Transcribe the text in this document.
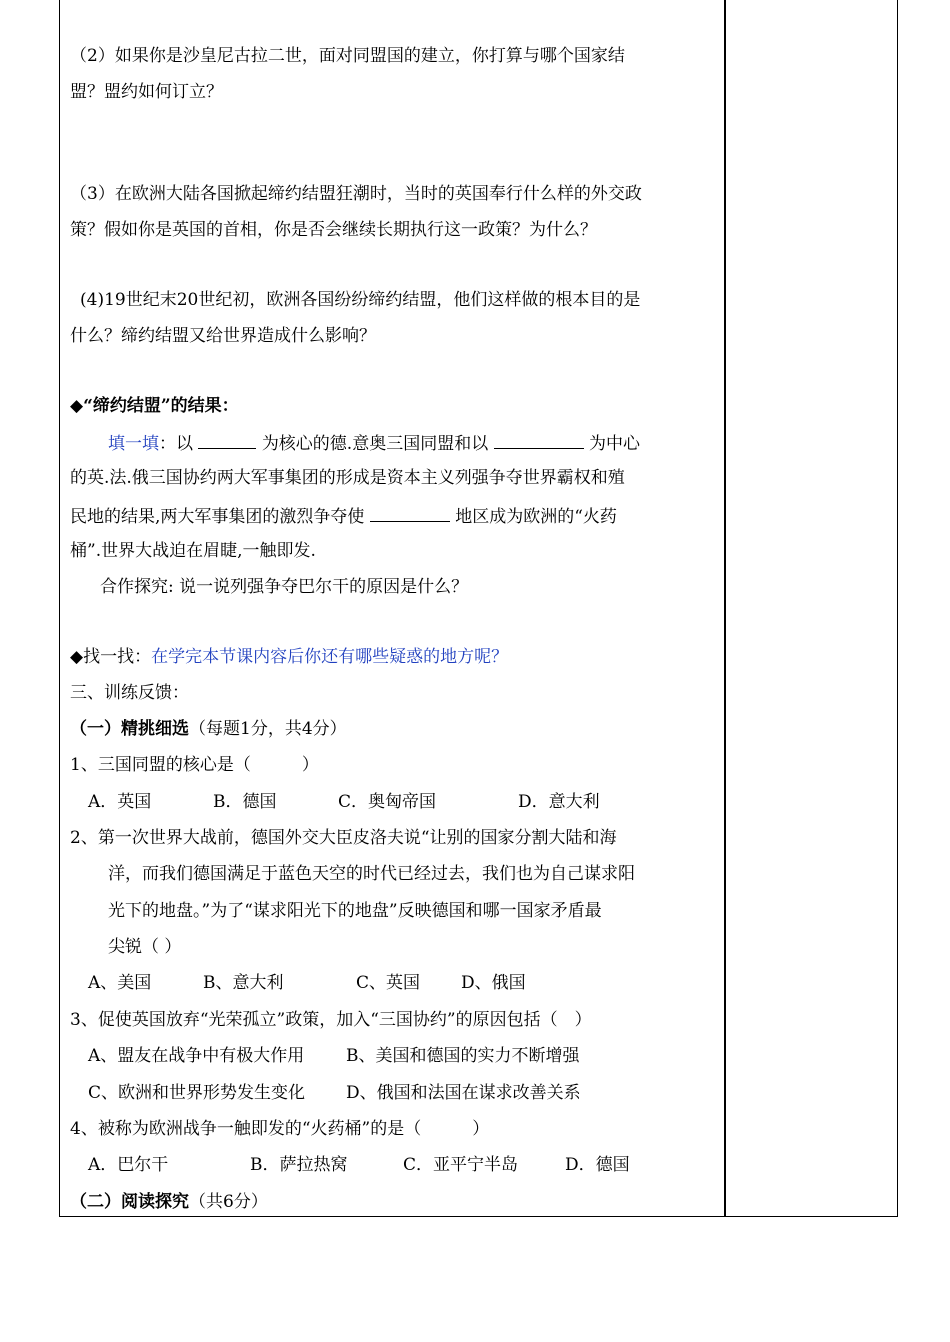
（2）如果你是沙皇尼古拉二世，面对同盟国的建立，你打算与哪个国家结
盟？盟约如何订立？
（3）在欧洲大陆各国掀起缔约结盟狂潮时，当时的英国奉行什么样的外交政
策？假如你是英国的首相，你是否会继续长期执行这一政策？为什么？
(4)19世纪末20世纪初，欧洲各国纷纷缔约结盟，他们这样做的根本目的是
什么？缔约结盟又给世界造成什么影响？
◆“缔约结盟”的结果：
填一填：以	为核心的德.意奥三国同盟和以	为中心
的英.法.俄三国协约两大军事集团的形成是资本主义列强争夺世界霸权和殖
民地的结果,两大军事集团的激烈争夺使	地区成为欧洲的“火药
桶”.世界大战迫在眉睫,一触即发.
合作探究: 说一说列强争夺巴尔干的原因是什么？
◆找一找：在学完本节课内容后你还有哪些疑惑的地方呢？
三、训练反馈：
（一）精挑细选（每题1分，共4分）
1、三国同盟的核心是（　　　）
A．英国	B．德国	C．奥匈帝国	D．意大利
2、第一次世界大战前，德国外交大臣皮洛夫说“让别的国家分割大陆和海
洋，而我们德国满足于蓝色天空的时代已经过去，我们也为自己谋求阳
光下的地盘。”为了“谋求阳光下的地盘”反映德国和哪一国家矛盾最
尖锐（ ）
A、美国	B、意大利	C、英国 D、俄国
3、促使英国放弃“光荣孤立”政策，加入“三国协约”的原因包括（　）
A、盟友在战争中有极大作用 B、美国和德国的实力不断增强
C、欧洲和世界形势发生变化 D、俄国和法国在谋求改善关系
4、被称为欧洲战争一触即发的“火药桶”的是（　　　）
A．巴尔干	B．萨拉热窝	C．亚平宁半岛	D．德国
（二）阅读探究（共6分）
